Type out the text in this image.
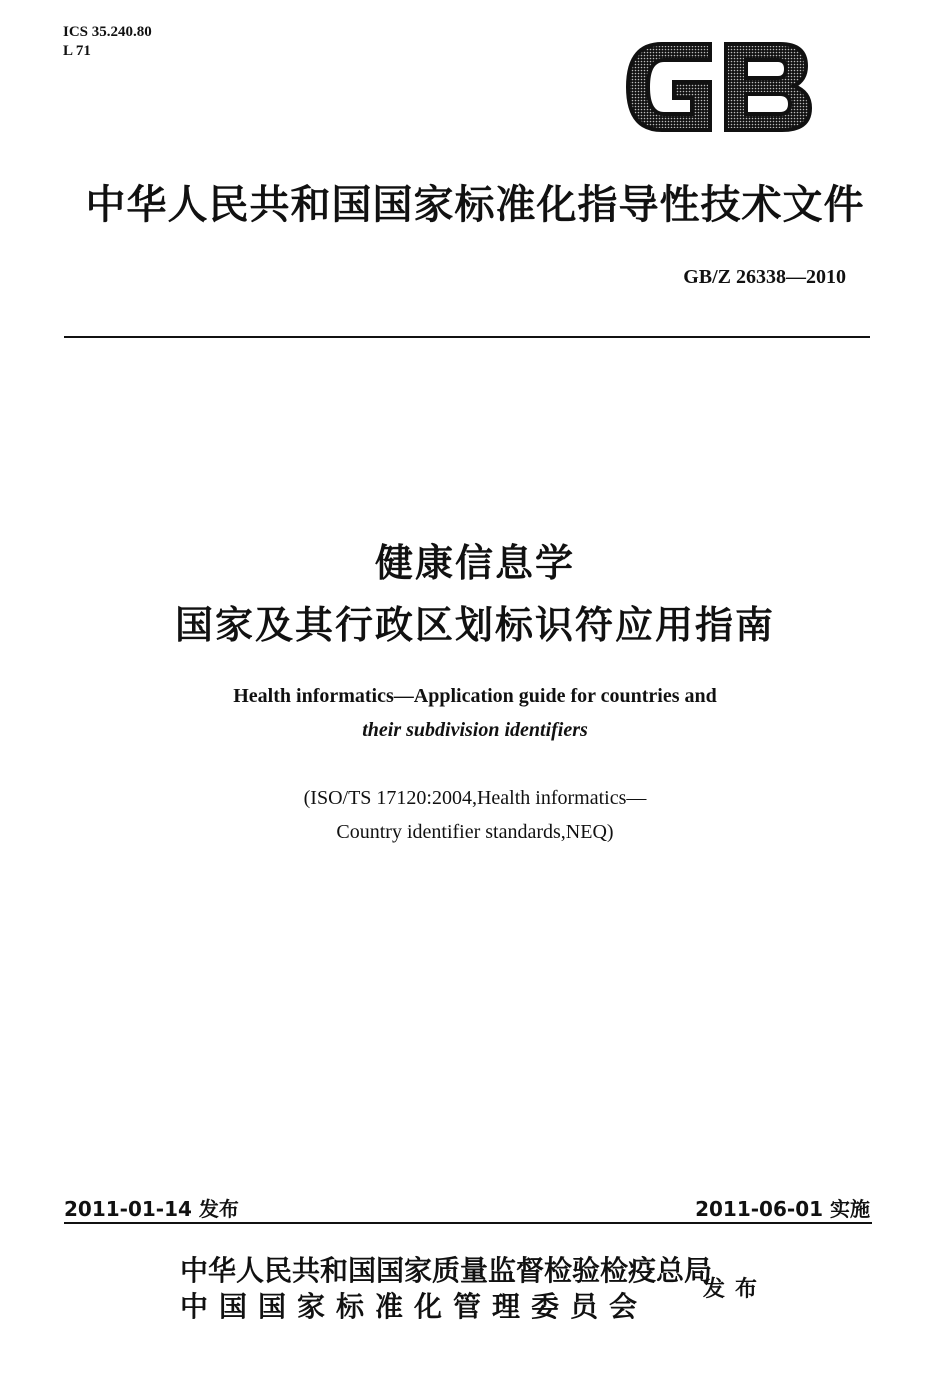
ICS 35.240.80
L 71
中华人民共和国国家标准化指导性技术文件
GB/Z 26338—2010
健康信息学
国家及其行政区划标识符应用指南
Health informatics—Application guide for countries and
their subdivision identifiers
(ISO/TS 17120:2004,Health informatics—
Country identifier standards,NEQ)
2011-01-14 发布	2011-06-01 实施
中华人民共和国国家质量监督检验检疫总局
中国国家标准化管理委员会
发布
